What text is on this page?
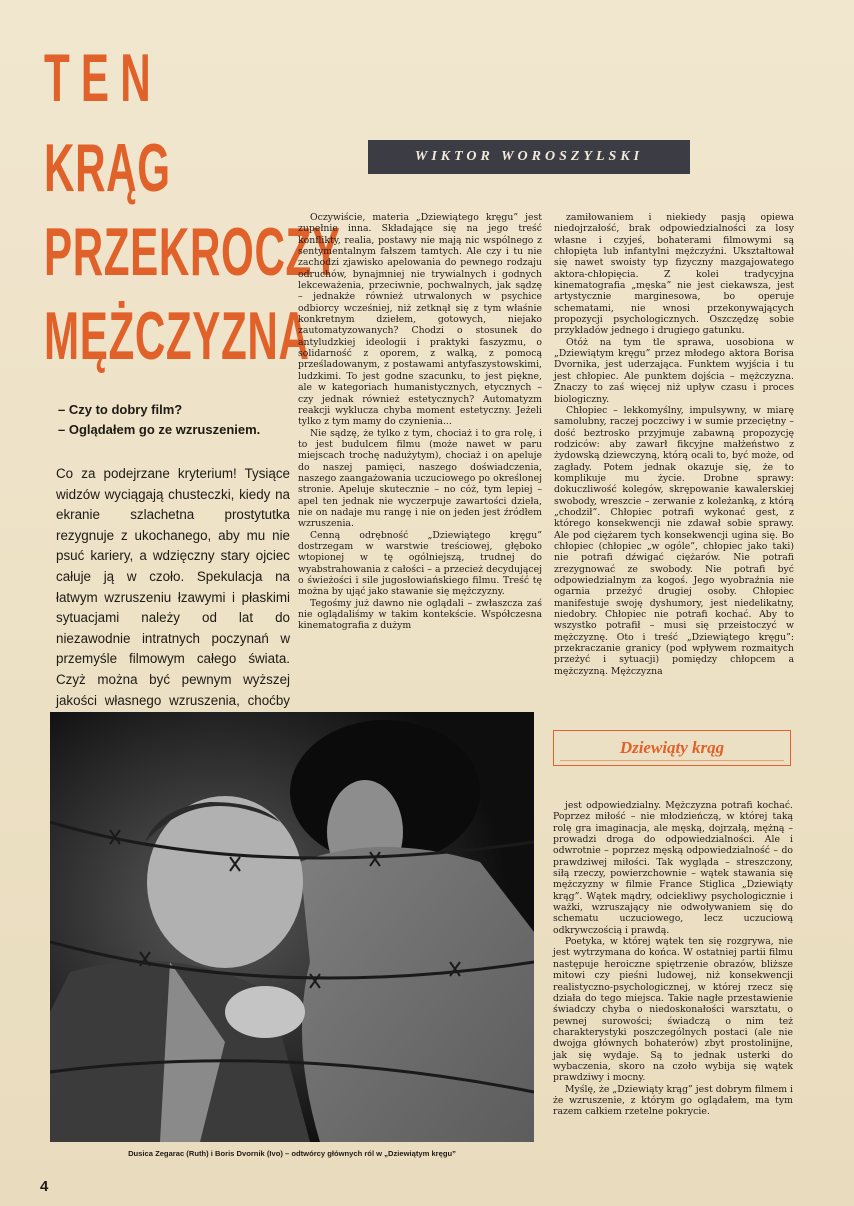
TEN
KRĄG
PRZEKROCZY
MĘŻCZYZNA
– Czy to dobry film?
– Oglądałem go ze wzruszeniem.
Co za podejrzane kryterium! Tysiące widzów wyciągają chusteczki, kiedy na ekranie szlachetna prostytutka rezygnuje z ukochanego, aby mu nie psuć kariery, a wdzięczny stary ojciec całuje ją w czoło. Spekulacja na łatwym wzruszeniu łzawymi i płaskimi sytuacjami należy od lat do niezawodnie intratnych poczynań w przemyśle filmowym całego świata. Czyż można być pewnym wyższej jakości własnego wzruszenia, choćby
WIKTOR WOROSZYLSKI

Oczywiście, materia „Dziewiątego kręgu” jest zupełnie inna. Składające się na jego treść konflikty, realia, postawy nie mają nic wspólnego z sentymentalnym fałszem tamtych. Ale czy i tu nie zachodzi zjawisko apelowania do pewnego rodzaju odruchów, bynajmniej nie trywialnych i godnych lekceważenia, przeciwnie, pochwalnych, jak sądzę – jednakże również utrwalonych w psychice odbiorcy wcześniej, niż zetknął się z tym właśnie konkretnym dziełem, gotowych, niejako zautomatyzowanych? Chodzi o stosunek do antyludzkiej ideologii i praktyki faszyzmu, o solidarność z oporem, z walką, z pomocą prześladowanym, z postawami antyfaszystowskimi, ludzkimi. To jest godne szacunku, to jest piękne, ale w kategoriach humanistycznych, etycznych – czy jednak również estetycznych? Automatyzm reakcji wyklucza chyba moment estetyczny. Jeżeli tylko z tym mamy do czynienia...

Nie sądzę, że tylko z tym, chociaż i to gra rolę, i to jest budulcem filmu (może nawet w paru miejscach trochę nadużytym), chociaż i on apeluje do naszej pamięci, naszego doświadczenia, naszego zaangażowania uczuciowego po określonej stronie. Apeluje skutecznie – no cóż, tym lepiej – apel ten jednak nie wyczerpuje zawartości dzieła, nie on nadaje mu rangę i nie on jeden jest źródłem wzruszenia.

Cenną odrębność „Dziewiątego kręgu” dostrzegam w warstwie treściowej, głęboko wtopionej w tę ogólniejszą, trudnej do wyabstrahowania z całości – a przecież decydującej o świeżości i sile jugosłowiańskiego filmu. Treść tę można by ująć jako stawanie się mężczyzny.

Tegośmy już dawno nie oglądali – zwłaszcza zaś nie oglądaliśmy w takim kontekście. Współczesna kinematografia z dużym

zamiłowaniem i niekiedy pasją opiewa niedojrzałość, brak odpowiedzialności za losy własne i czyjeś, bohaterami filmowymi są chłopięta lub infantylni mężczyźni. Ukształtował się nawet swoisty typ fizyczny mazgajowatego aktora-chłopięcia. Z kolei tradycyjna kinematografia „męska” nie jest ciekawsza, jest artystycznie marginesowa, bo operuje schematami, nie wnosi przekonywających propozycji psychologicznych. Oszczędzę sobie przykładów jednego i drugiego gatunku.

Otóż na tym tle sprawa, uosobiona w „Dziewiątym kręgu” przez młodego aktora Borisa Dvornika, jest uderzająca. Funktem wyjścia i tu jest chłopiec. Ale punktem dojścia – mężczyzna. Znaczy to zaś więcej niż upływ czasu i proces biologiczny.

Chłopiec – lekkomyślny, impulsywny, w miarę samolubny, raczej poczciwy i w sumie przeciętny – dość beztrosko przyjmuje zabawną propozycję rodziców: aby zawarł fikcyjne małżeństwo z żydowską dziewczyną, którą ocali to, być może, od zagłady. Potem jednak okazuje się, że to komplikuje mu życie. Drobne sprawy: dokuczliwość kolegów, skrępowanie kawalerskiej swobody, wreszcie – zerwanie z koleżanką, z którą „chodził”. Chłopiec potrafi wykonać gest, z którego konsekwencji nie zdawał sobie sprawy. Ale pod ciężarem tych konsekwencji ugina się. Bo chłopiec (chłopiec „w ogóle”, chłopiec jako taki) nie potrafi dźwigać ciężarów. Nie potrafi zrezygnować ze swobody. Nie potrafi być odpowiedzialnym za kogoś. Jego wyobraźnia nie ogarnia przeżyć drugiej osoby. Chłopiec manifestuje swoję dyshumory, jest niedelikatny, niedobry. Chłopiec nie potrafi kochać. Aby to wszystko potrafił – musi się przeistoczyć w mężczyznę. Oto i treść „Dziewiątego kręgu”: przekraczanie granicy (pod wpływem rozmaitych przeżyć i sytuacji) pomiędzy chłopcem a mężczyzną. Mężczyzna

Dziewiąty krąg

jest odpowiedzialny. Mężczyzna potrafi kochać. Poprzez miłość – nie młodzieńczą, w której taką rolę gra imaginacja, ale męską, dojrzałą, mężną – prowadzi droga do odpowiedzialności. Ale i odwrotnie – poprzez męską odpowiedzialność – do prawdziwej miłości. Tak wygląda – streszczony, siłą rzeczy, powierzchownie – wątek stawania się mężczyzny w filmie France Stiglica „Dziewiąty krąg”. Wątek mądry, odciekliwy psychologicznie i ważki, wzruszający nie odwoływaniem się do schematu uczuciowego, lecz uczuciową odkrywczością i prawdą.

Poetyka, w której wątek ten się rozgrywa, nie jest wytrzymana do końca. W ostatniej partii filmu następuje heroiczne spiętrzenie obrazów, bliższe mitowi czy pieśni ludowej, niż konsekwencji realistyczno-psychologicznej, w której rzecz się działa do tego miejsca. Takie nagłe przestawienie świadczy chyba o niedoskonałości warsztatu, o pewnej surowości; świadczą o nim też charakterystyki poszczególnych postaci (ale nie dwojga głównych bohaterów) zbyt prostolinijne, jak się wydaje. Są to jednak usterki do wybaczenia, skoro na czoło wybija się wątek prawdziwy i mocny.

Myślę, że „Dziewiąty krąg” jest dobrym filmem i że wzruszenie, z którym go oglądałem, ma tym razem całkiem rzetelne pokrycie.

Dusica Zegarac (Ruth) i Boris Dvornik (Ivo) – odtwórcy głównych ról w „Dziewiątym kręgu”
4
